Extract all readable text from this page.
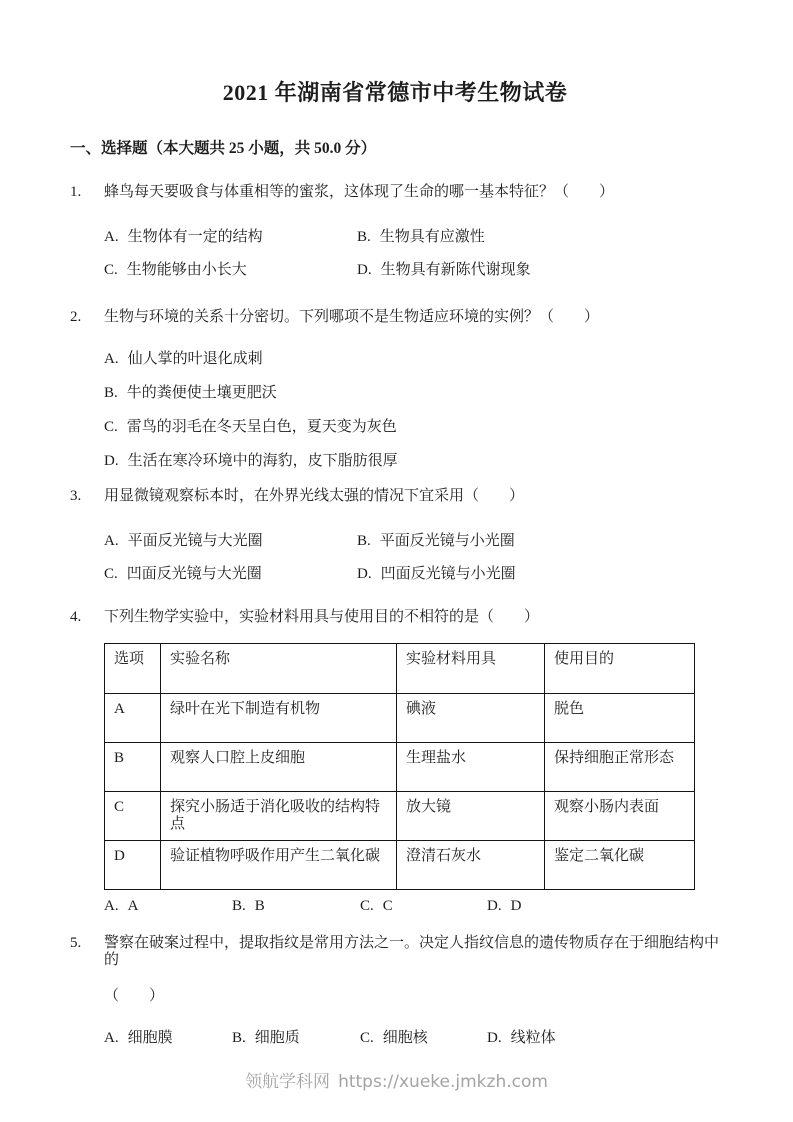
2021 年湖南省常德市中考生物试卷
一、选择题（本大题共 25 小题，共 50.0 分）
1.	蜂鸟每天要吸食与体重相等的蜜浆，这体现了生命的哪一基本特征？（　　）
A. 生物体有一定的结构	B. 生物具有应激性
C. 生物能够由小长大	D. 生物具有新陈代谢现象
2.	生物与环境的关系十分密切。下列哪项不是生物适应环境的实例？（　　）
A. 仙人掌的叶退化成刺
B. 牛的粪便使土壤更肥沃
C. 雷鸟的羽毛在冬天呈白色，夏天变为灰色
D. 生活在寒冷环境中的海豹，皮下脂肪很厚
3.	用显微镜观察标本时，在外界光线太强的情况下宜采用（　　）
A. 平面反光镜与大光圈	B. 平面反光镜与小光圈
C. 凹面反光镜与大光圈	D. 凹面反光镜与小光圈
4.	下列生物学实验中，实验材料用具与使用目的不相符的是（　　）
选项	实验名称	实验材料用具	使用目的
A	绿叶在光下制造有机物	碘液	脱色
B	观察人口腔上皮细胞	生理盐水	保持细胞正常形态
C	探究小肠适于消化吸收的结构特点	放大镜	观察小肠内表面
D	验证植物呼吸作用产生二氧化碳	澄清石灰水	鉴定二氧化碳
A. A	B. B	C. C	D. D
5.	警察在破案过程中，提取指纹是常用方法之一。决定人指纹信息的遗传物质存在于细胞结构中的
（　　）
A. 细胞膜	B. 细胞质	C. 细胞核	D. 线粒体
领航学科网 https://xueke.jmkzh.com
